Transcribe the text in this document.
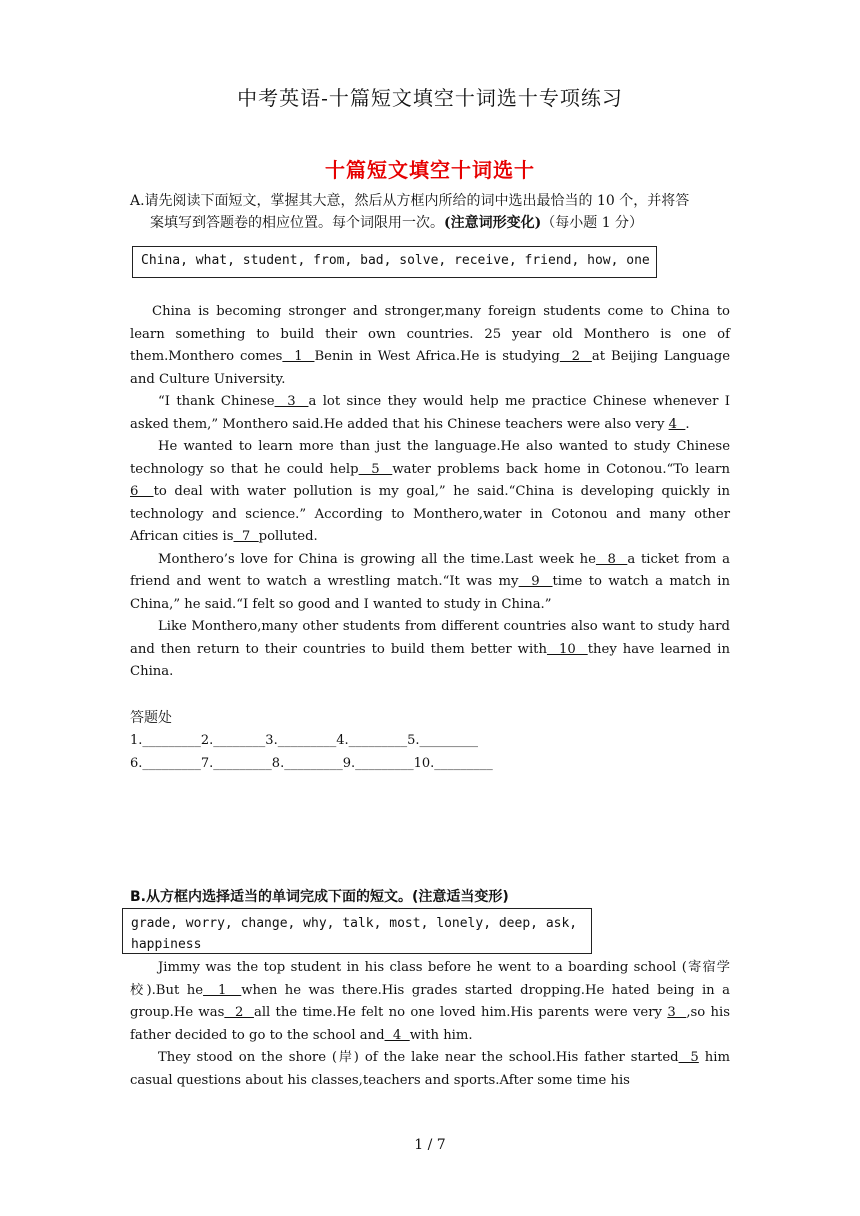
中考英语-十篇短文填空十词选十专项练习
十篇短文填空十词选十
A.请先阅读下面短文，掌握其大意，然后从方框内所给的词中选出最恰当的 10 个，并将答
案填写到答题卷的相应位置。每个词限用一次。(注意词形变化)（每小题 1 分）
China, what, student, from, bad, solve, receive, friend, how, one

China is becoming stronger and stronger,many foreign students come to China to learn something to build their own countries. 25 year old Monthero is one of them.Monthero comes  1  Benin in West Africa.He is studying  2  at Beijing Language and Culture University.

“I thank Chinese  3  a lot since they would help me practice Chinese whenever I asked them,” Monthero said.He added that his Chinese teachers were also very 4  .

He wanted to learn more than just the language.He also wanted to study Chinese technology so that he could help  5  water problems back home in Cotonou.“To learn 6  to deal with water pollution is my goal,” he said.“China is developing quickly in technology and science.” According to Monthero,water in Cotonou and many other African cities is  7  polluted.

Monthero’s love for China is growing all the time.Last week he  8  a ticket from a friend and went to watch a wrestling match.“It was my  9  time to watch a match in China,” he said.“I felt so good and I wanted to study in China.”

Like Monthero,many other students from different countries also want to study hard and then return to their countries to build them better with  10  they have learned in China.

答题处
1._________2.________3._________4._________5._________
6._________7._________8._________9._________10._________
B.从方框内选择适当的单词完成下面的短文。(注意适当变形)
grade, worry, change, why, talk, most, lonely, deep, ask, happiness

Jimmy was the top student in his class before he went to a boarding school (寄宿学校).But he  1  when he was there.His grades started dropping.He hated being in a group.He was  2  all the time.He felt no one loved him.His parents were very 3  ,so his father decided to go to the school and  4  with him.

They stood on the shore (岸) of the lake near the school.His father started  5 him casual questions about his classes,teachers and sports.After some time his

1 / 7
